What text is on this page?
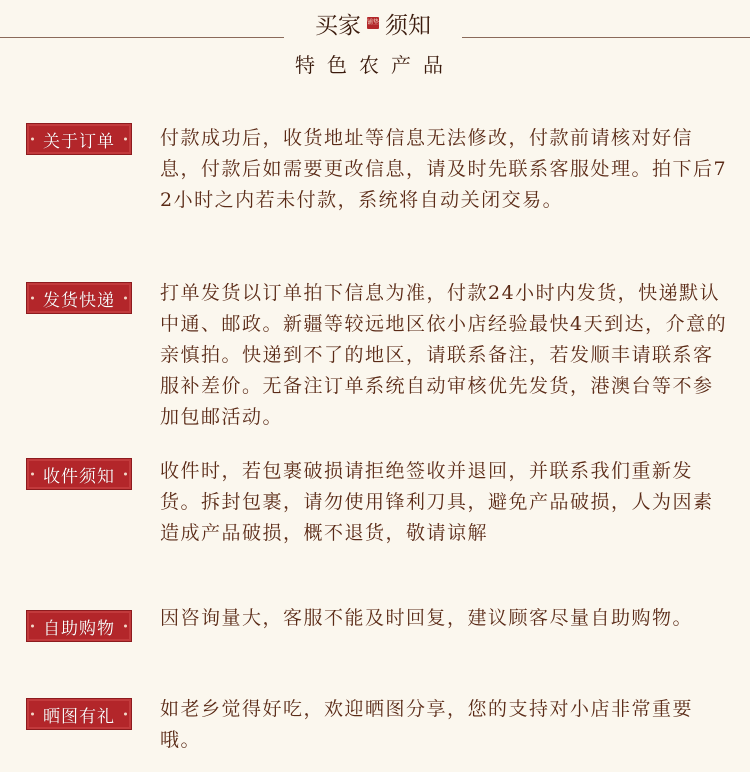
买家 铺垫 须知
特色农产品
关于订单 付款成功后，收货地址等信息无法修改，付款前请核对好信息，付款后如需要更改信息，请及时先联系客服处理。拍下后72小时之内若未付款，系统将自动关闭交易。
发货快递 打单发货以订单拍下信息为准，付款24小时内发货，快递默认中通、邮政。新疆等较远地区依小店经验最快4天到达，介意的亲慎拍。快递到不了的地区，请联系备注，若发顺丰请联系客服补差价。无备注订单系统自动审核优先发货，港澳台等不参加包邮活动。
收件须知 收件时，若包裹破损请拒绝签收并退回，并联系我们重新发货。拆封包裹，请勿使用锋利刀具，避免产品破损，人为因素造成产品破损，概不退货，敬请谅解
自助购物 因咨询量大，客服不能及时回复，建议顾客尽量自助购物。
晒图有礼 如老乡觉得好吃，欢迎晒图分享，您的支持对小店非常重要哦。
